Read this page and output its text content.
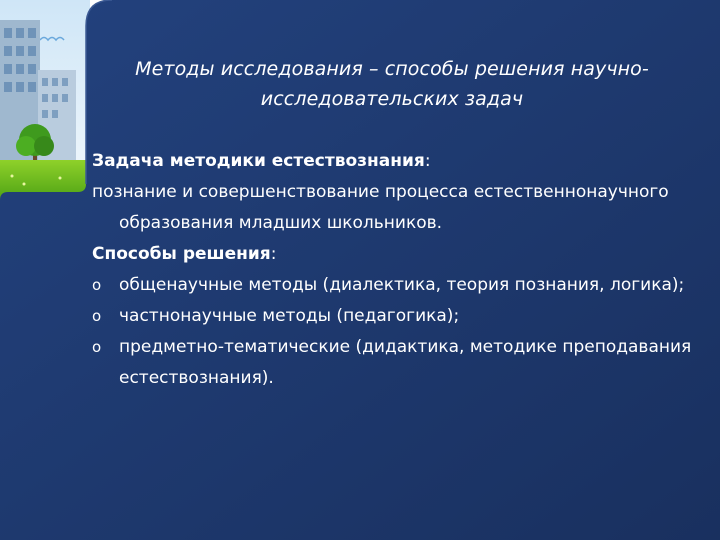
Методы исследования – способы решения научно-
исследовательских задач

Задача методики естествознания:

познание и совершенствование процесса естественнонаучного образования младших школьников.

Способы решения:

o общенаучные методы (диалектика, теория познания, логика);
o частнонаучные методы (педагогика);
o предметно-тематические (дидактика, методике преподавания естествознания).
